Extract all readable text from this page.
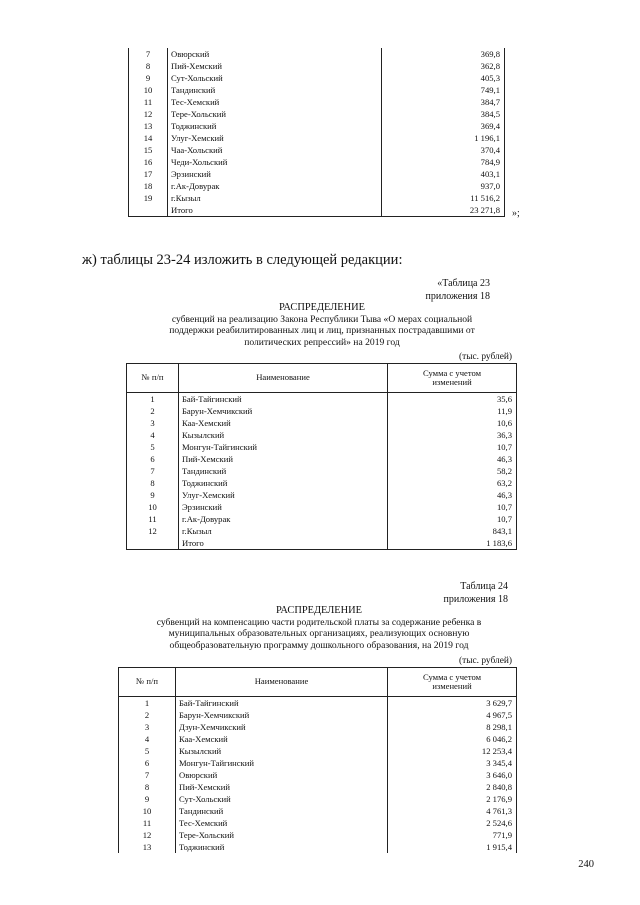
7	Овюрский	369,8
8	Пий-Хемский	362,8
9	Сут-Хольский	405,3
10	Тандинский	749,1
11	Тес-Хемский	384,7
12	Тере-Хольский	384,5
13	Тоджинский	369,4
14	Улуг-Хемский	1 196,1
15	Чаа-Хольский	370,4
16	Чеди-Хольский	784,9
17	Эрзинский	403,1
18	г.Ак-Довурак	937,0
19	г.Кызыл	11 516,2
	Итого	23 271,8 »;
ж) таблицы 23-24 изложить в следующей редакции:
«Таблица 23
приложения 18
РАСПРЕДЕЛЕНИЕ
субвенций на реализацию Закона Республики Тыва «О мерах социальной
поддержки реабилитированных лиц и лиц, признанных пострадавшими от
политических репрессий» на 2019 год
(тыс. рублей)
№ п/п	Наименование	Сумма с учетом
изменений

1	Бай-Тайгинский	35,6
2	Барун-Хемчикский	11,9
3	Каа-Хемский	10,6
4	Кызылский	36,3
5	Монгун-Тайгинский	10,7
6	Пий-Хемский	46,3
7	Тандинский	58,2
8	Тоджинский	63,2
9	Улуг-Хемский	46,3
10	Эрзинский	10,7
11	г.Ак-Довурак	10,7
12	г.Кызыл	843,1
	Итого	1 183,6
Таблица 24
приложения 18
РАСПРЕДЕЛЕНИЕ
субвенций на компенсацию части родительской платы за содержание ребенка в
муниципальных образовательных организациях, реализующих основную
общеобразовательную программу дошкольного образования, на 2019 год
(тыс. рублей)
№ п/п	Наименование	Сумма с учетом
изменений

1	Бай-Тайгинский	3 629,7
2	Барун-Хемчикский	4 967,5
3	Дзун-Хемчикский	8 298,1
4	Каа-Хемский	6 046,2
5	Кызылский	12 253,4
6	Монгун-Тайгинский	3 345,4
7	Овюрский	3 646,0
8	Пий-Хемский	2 840,8
9	Сут-Хольский	2 176,9
10	Тандинский	4 761,3
11	Тес-Хемский	2 524,6
12	Тере-Хольский	771,9
13	Тоджинский	1 915,4
240
